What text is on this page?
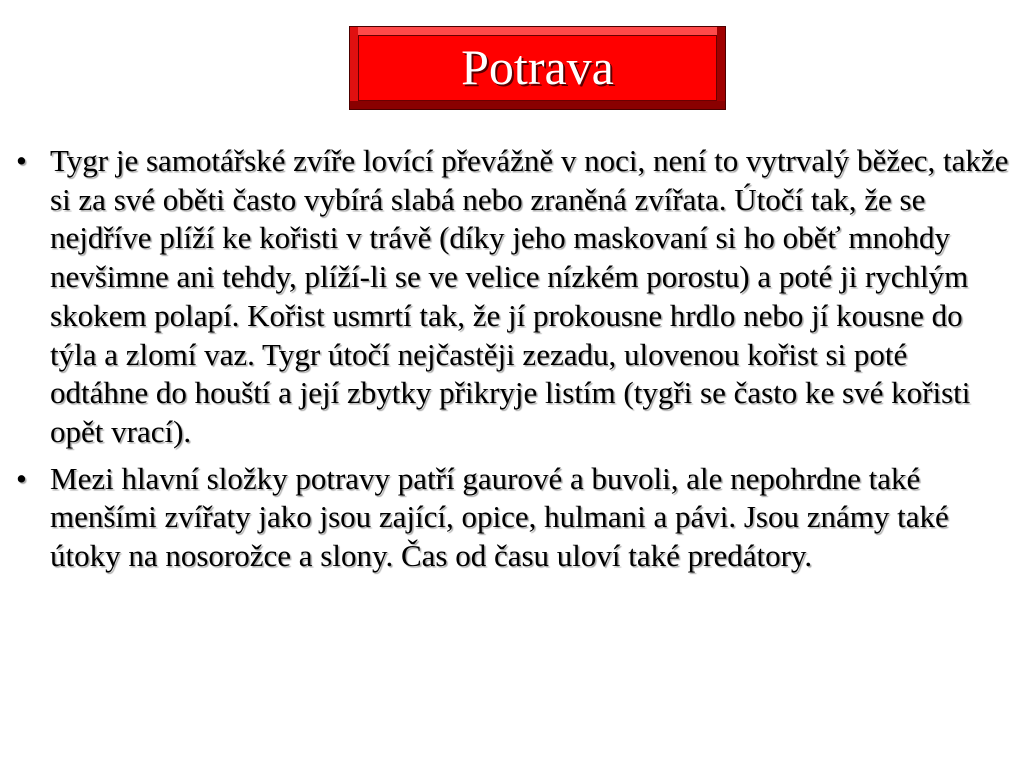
Potrava
• Tygr je samotářské zvíře lovící převážně v noci, není to vytrvalý běžec, takže si za své oběti často vybírá slabá nebo zraněná zvířata. Útočí tak, že se nejdříve plíží ke kořisti v trávě (díky jeho maskovaní si ho oběť mnohdy nevšimne ani tehdy, plíží-li se ve velice nízkém porostu) a poté ji rychlým skokem polapí. Kořist usmrtí tak, že jí prokousne hrdlo nebo jí kousne do týla a zlomí vaz. Tygr útočí nejčastěji zezadu, ulovenou kořist si poté odtáhne do houští a její zbytky přikryje listím (tygři se často ke své kořisti opět vrací).
• Mezi hlavní složky potravy patří gaurové a buvoli, ale nepohrdne také menšími zvířaty jako jsou zající, opice, hulmani a pávi. Jsou známy také útoky na nosorožce a slony. Čas od času uloví také predátory.
